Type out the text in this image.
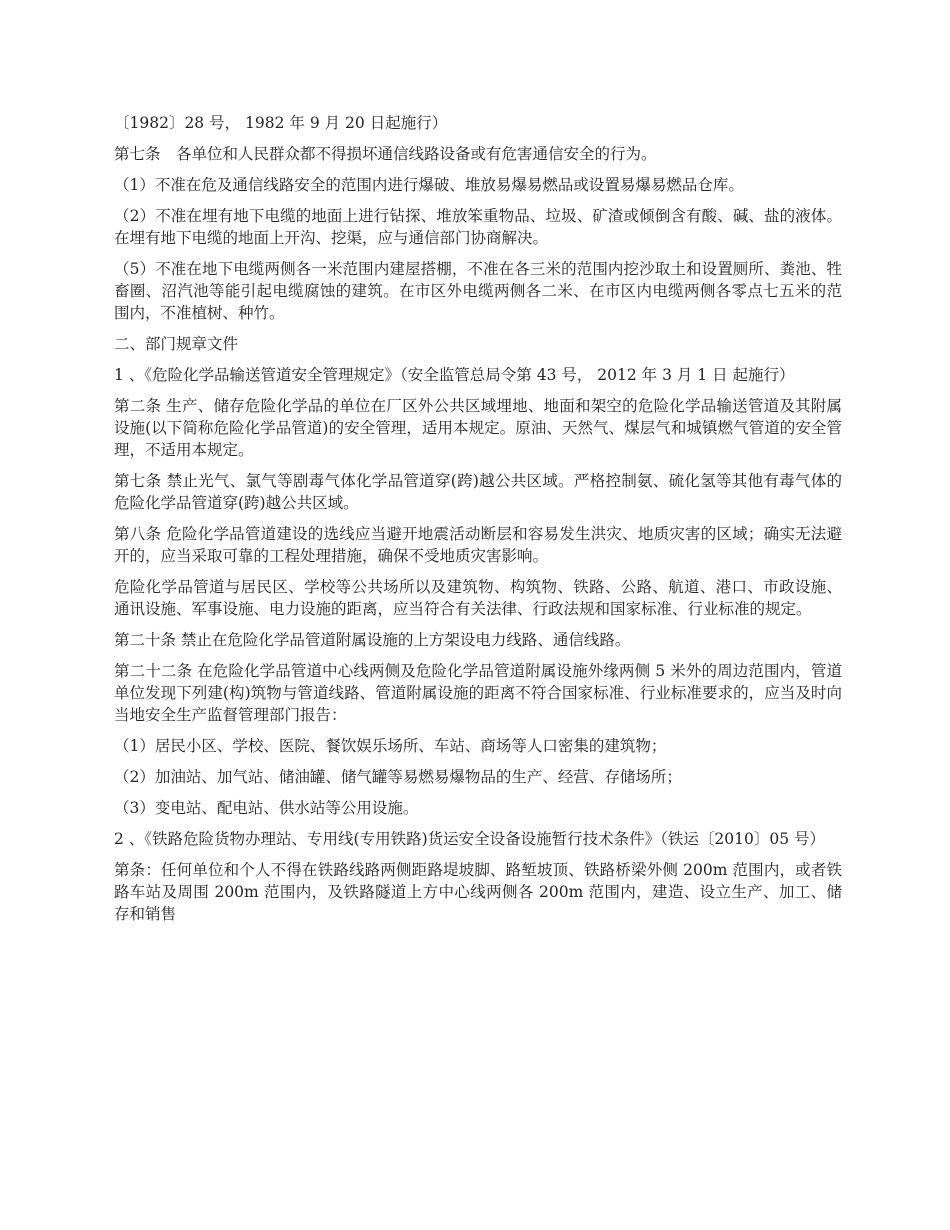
〔1982〕28 号， 1982 年 9 月 20 日起施行）

第七条　各单位和人民群众都不得损坏通信线路设备或有危害通信安全的行为。

（1）不准在危及通信线路安全的范围内进行爆破、堆放易爆易燃品或设置易爆易燃品仓库。

（2）不准在埋有地下电缆的地面上进行钻探、堆放笨重物品、垃圾、矿渣或倾倒含有酸、碱、盐的液体。在埋有地下电缆的地面上开沟、挖渠，应与通信部门协商解决。

（5）不准在地下电缆两侧各一米范围内建屋搭棚，不准在各三米的范围内挖沙取土和设置厕所、粪池、牲畜圈、沼汽池等能引起电缆腐蚀的建筑。在市区外电缆两侧各二米、在市区内电缆两侧各零点七五米的范围内，不准植树、种竹。

二、部门规章文件

1 、《危险化学品输送管道安全管理规定》（安全监管总局令第 43 号， 2012 年 3 月 1 日 起施行）

第二条 生产、储存危险化学品的单位在厂区外公共区域埋地、地面和架空的危险化学品输送管道及其附属设施(以下简称危险化学品管道)的安全管理，适用本规定。原油、天然气、煤层气和城镇燃气管道的安全管理，不适用本规定。

第七条 禁止光气、氯气等剧毒气体化学品管道穿(跨)越公共区域。严格控制氨、硫化氢等其他有毒气体的危险化学品管道穿(跨)越公共区域。

第八条 危险化学品管道建设的选线应当避开地震活动断层和容易发生洪灾、地质灾害的区域；确实无法避开的，应当采取可靠的工程处理措施，确保不受地质灾害影响。

危险化学品管道与居民区、学校等公共场所以及建筑物、构筑物、铁路、公路、航道、港口、市政设施、通讯设施、军事设施、电力设施的距离，应当符合有关法律、行政法规和国家标准、行业标准的规定。

第二十条 禁止在危险化学品管道附属设施的上方架设电力线路、通信线路。

第二十二条 在危险化学品管道中心线两侧及危险化学品管道附属设施外缘两侧 5 米外的周边范围内，管道单位发现下列建(构)筑物与管道线路、管道附属设施的距离不符合国家标准、行业标准要求的，应当及时向当地安全生产监督管理部门报告：

（1）居民小区、学校、医院、餐饮娱乐场所、车站、商场等人口密集的建筑物；

（2）加油站、加气站、储油罐、储气罐等易燃易爆物品的生产、经营、存储场所；

（3）变电站、配电站、供水站等公用设施。

2 、《铁路危险货物办理站、专用线(专用铁路)货运安全设备设施暂行技术条件》（铁运〔2010〕05 号）

第条：任何单位和个人不得在铁路线路两侧距路堤坡脚、路堑坡顶、铁路桥梁外侧 200m 范围内，或者铁路车站及周围 200m 范围内，及铁路隧道上方中心线两侧各 200m 范围内，建造、设立生产、加工、储存和销售
